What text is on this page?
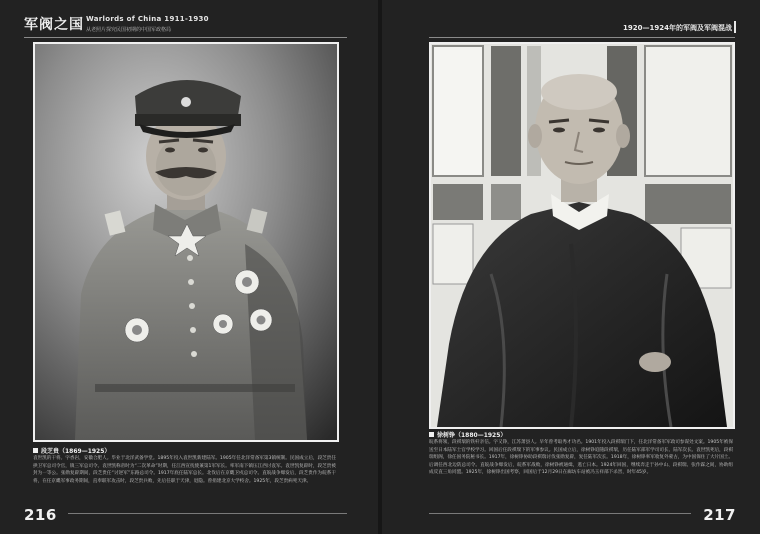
军阀之国 Warlords of China 1911-1930
从老照片探究民国初期的中国军政格局
段芝贵（1869—1925）
袁世凯的干将。字香岩，安徽合肥人。毕业于北洋武备学堂。1895年投入袁世凯新建陆军。1905年任北洋常备军第3镇统制。民国成立后，段芝贵任拱卫军总司令官，镇三军总司令。袁世凯称帝时为“二次革命”时期，任江西宣抚使兼第1军军长。率军南下镇压江西讨袁军。袁世凯复辟时，段芝贵被封为一等公。张勋复辟期间，段芝贵任“讨逆军”东路总司令。1917年底任陆军总长。北伐后在京畿卫戍总司令。直皖战争爆发后，段芝贵作为皖系干将，在任京畿军事政务期间，直奉联军攻击时，段芝贵兵败，先后任职于天津，退隐。曾捐建北京大学校舍。1925年，段芝贵病死天津。
216
1920—1924年的军阀及军阀混战
徐树铮（1880—1925）
皖系将领，段祺瑞的铁杆亲信。字又铮，江苏萧县人。早年曾考取秀才功名。1901年投入段祺瑞门下，任北洋常备军军政司参谋处文案。1905年被保送至日本陆军士官学校学习。回国后任段祺瑞下的军事参议。民国成立后，徐树铮追随段祺瑞，历任陆军部军学司司长、陆军次长。袁世凯死后，段祺瑞组阁，徐任国务院秘书长。1917年，徐树铮协助段祺瑞讨伐张勋复辟，复任陆军次长。1918年，徐树铮率军收复外蒙古，为中国保住了大片国土。后调任西北边防总司令。直皖战争爆发后，皖系军战败，徐树铮被通缉，逃亡日本。1924年回国，继续奔走于孙中山、段祺瑞、张作霖之间，协助组成反直三角同盟。1925年，徐树铮出国考察，回国后于12月29日在廊坊车站被冯玉祥部下杀害，时年45岁。
217
